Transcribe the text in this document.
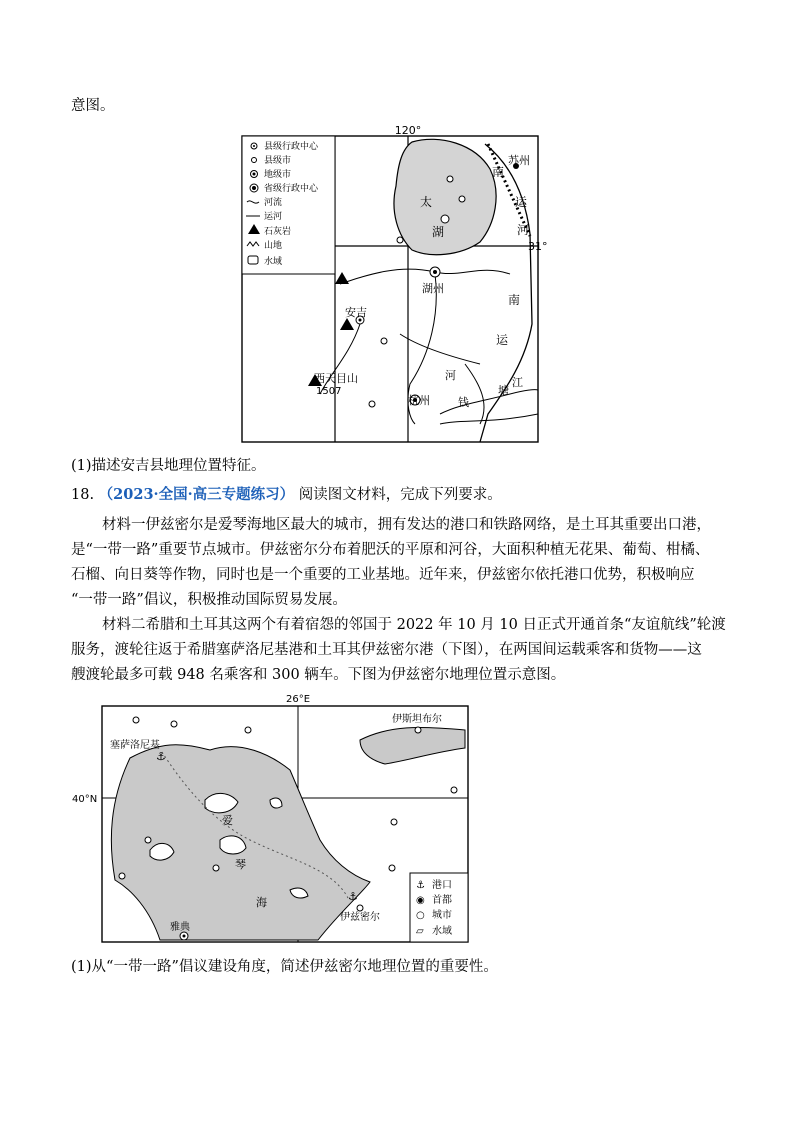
意图。
120°
31°
太
湖
南
运
河
南
运
河
塘
江
钱
苏州
湖州
安吉
杭州
西天目山
1507
县级行政中心
县级市
地级市
省级行政中心
河流
运河
石灰岩
山地
水域
(1)描述安吉县地理位置特征。
18. （2023·全国·高三专题练习） 阅读图文材料，完成下列要求。
材料一伊兹密尔是爱琴海地区最大的城市，拥有发达的港口和铁路网络，是土耳其重要出口港，
是“一带一路”重要节点城市。伊兹密尔分布着肥沃的平原和河谷，大面积种植无花果、葡萄、柑橘、
石榴、向日葵等作物，同时也是一个重要的工业基地。近年来，伊兹密尔依托港口优势，积极响应
“一带一路”倡议，积极推动国际贸易发展。
材料二希腊和土耳其这两个有着宿怨的邻国于 2022 年 10 月 10 日正式开通首条“友谊航线”轮渡
服务，渡轮往返于希腊塞萨洛尼基港和土耳其伊兹密尔港（下图），在两国间运载乘客和货物——这
艘渡轮最多可载 948 名乘客和 300 辆车。下图为伊兹密尔地理位置示意图。
26°E
40°N
⚓
塞萨洛尼基
伊斯坦布尔
⚓
伊兹密尔
雅典
爱
琴
海
⚓ 港口
◉ 首都
○ 城市
▱ 水域
(1)从“一带一路”倡议建设角度，简述伊兹密尔地理位置的重要性。
